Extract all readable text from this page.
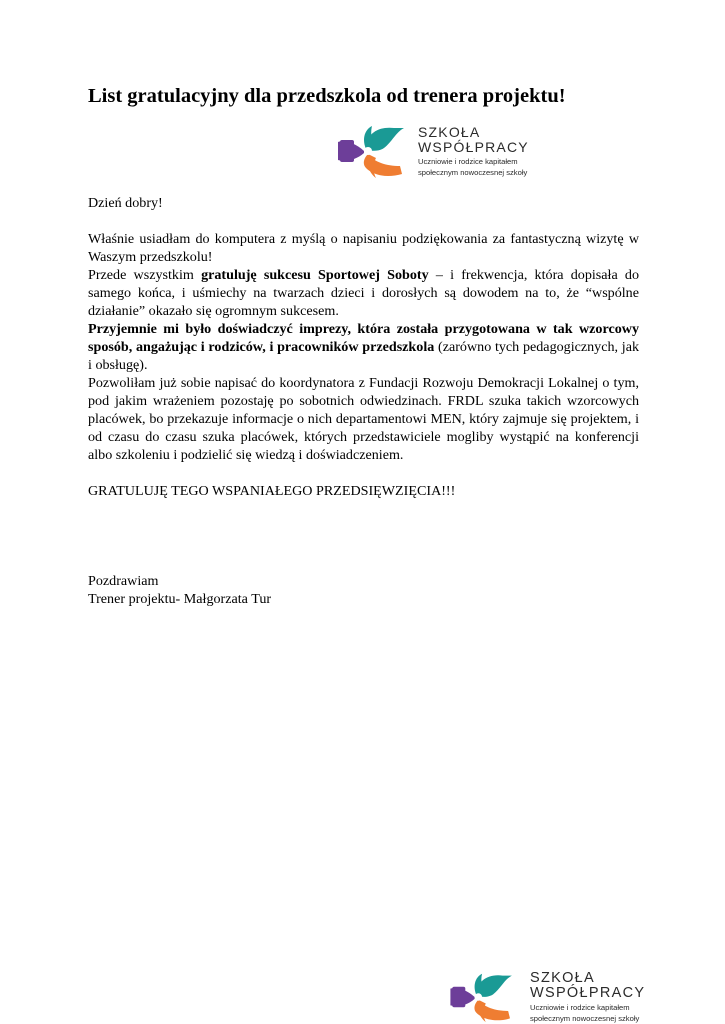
List gratulacyjny dla przedszkola od trenera projektu!
SZKOŁA
WSPÓŁPRACY
Uczniowie i rodzice kapitałem
społecznym nowoczesnej szkoły

Dzień dobry!

Właśnie usiadłam do komputera z myślą o napisaniu podziękowania za fantastyczną wizytę w Waszym przedszkolu!

Przede wszystkim gratuluję sukcesu Sportowej Soboty – i frekwencja, która dopisała do samego końca, i uśmiechy na twarzach dzieci i dorosłych są dowodem na to, że “wspólne działanie” okazało się ogromnym sukcesem.

Przyjemnie mi było doświadczyć imprezy, która została przygotowana w tak wzorcowy sposób, angażując i rodziców, i pracowników przedszkola (zarówno tych pedagogicznych, jak i obsługę).

Pozwoliłam już sobie napisać do koordynatora z Fundacji Rozwoju Demokracji Lokalnej o tym, pod jakim wrażeniem pozostaję po sobotnich odwiedzinach. FRDL szuka takich wzorcowych placówek, bo przekazuje informacje o nich departamentowi MEN, który zajmuje się projektem, i od czasu do czasu szuka placówek, których przedstawiciele mogliby wystąpić na konferencji albo szkoleniu i podzielić się wiedzą i doświadczeniem.

GRATULUJĘ TEGO WSPANIAŁEGO PRZEDSIĘWZIĘCIA!!!

Pozdrawiam

Trener projektu- Małgorzata Tur

SZKOŁA
WSPÓŁPRACY
Uczniowie i rodzice kapitałem
społecznym nowoczesnej szkoły
